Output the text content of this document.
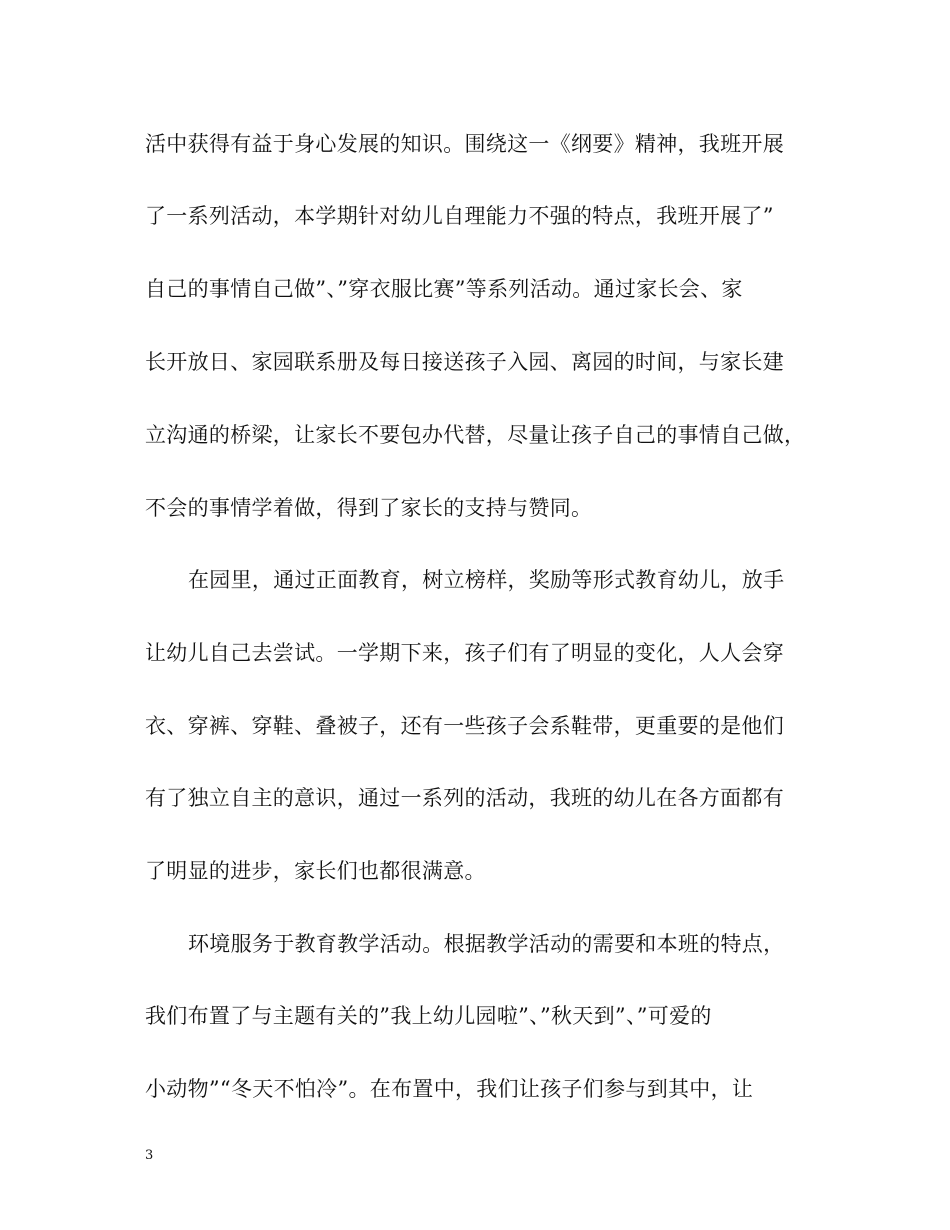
活中获得有益于身心发展的知识。围绕这一《纲要》精神，我班开展
了一系列活动，本学期针对幼儿自理能力不强的特点，我班开展了”
自己的事情自己做”、”穿衣服比赛”等系列活动。通过家长会、家
长开放日、家园联系册及每日接送孩子入园、离园的时间，与家长建
立沟通的桥梁，让家长不要包办代替，尽量让孩子自己的事情自己做，
不会的事情学着做，得到了家长的支持与赞同。
在园里，通过正面教育，树立榜样，奖励等形式教育幼儿，放手
让幼儿自己去尝试。一学期下来，孩子们有了明显的变化，人人会穿
衣、穿裤、穿鞋、叠被子，还有一些孩子会系鞋带，更重要的是他们
有了独立自主的意识，通过一系列的活动，我班的幼儿在各方面都有
了明显的进步，家长们也都很满意。
环境服务于教育教学活动。根据教学活动的需要和本班的特点，
我们布置了与主题有关的”我上幼儿园啦”、”秋天到”、”可爱的
小动物”“冬天不怕冷”。在布置中，我们让孩子们参与到其中，让
3
